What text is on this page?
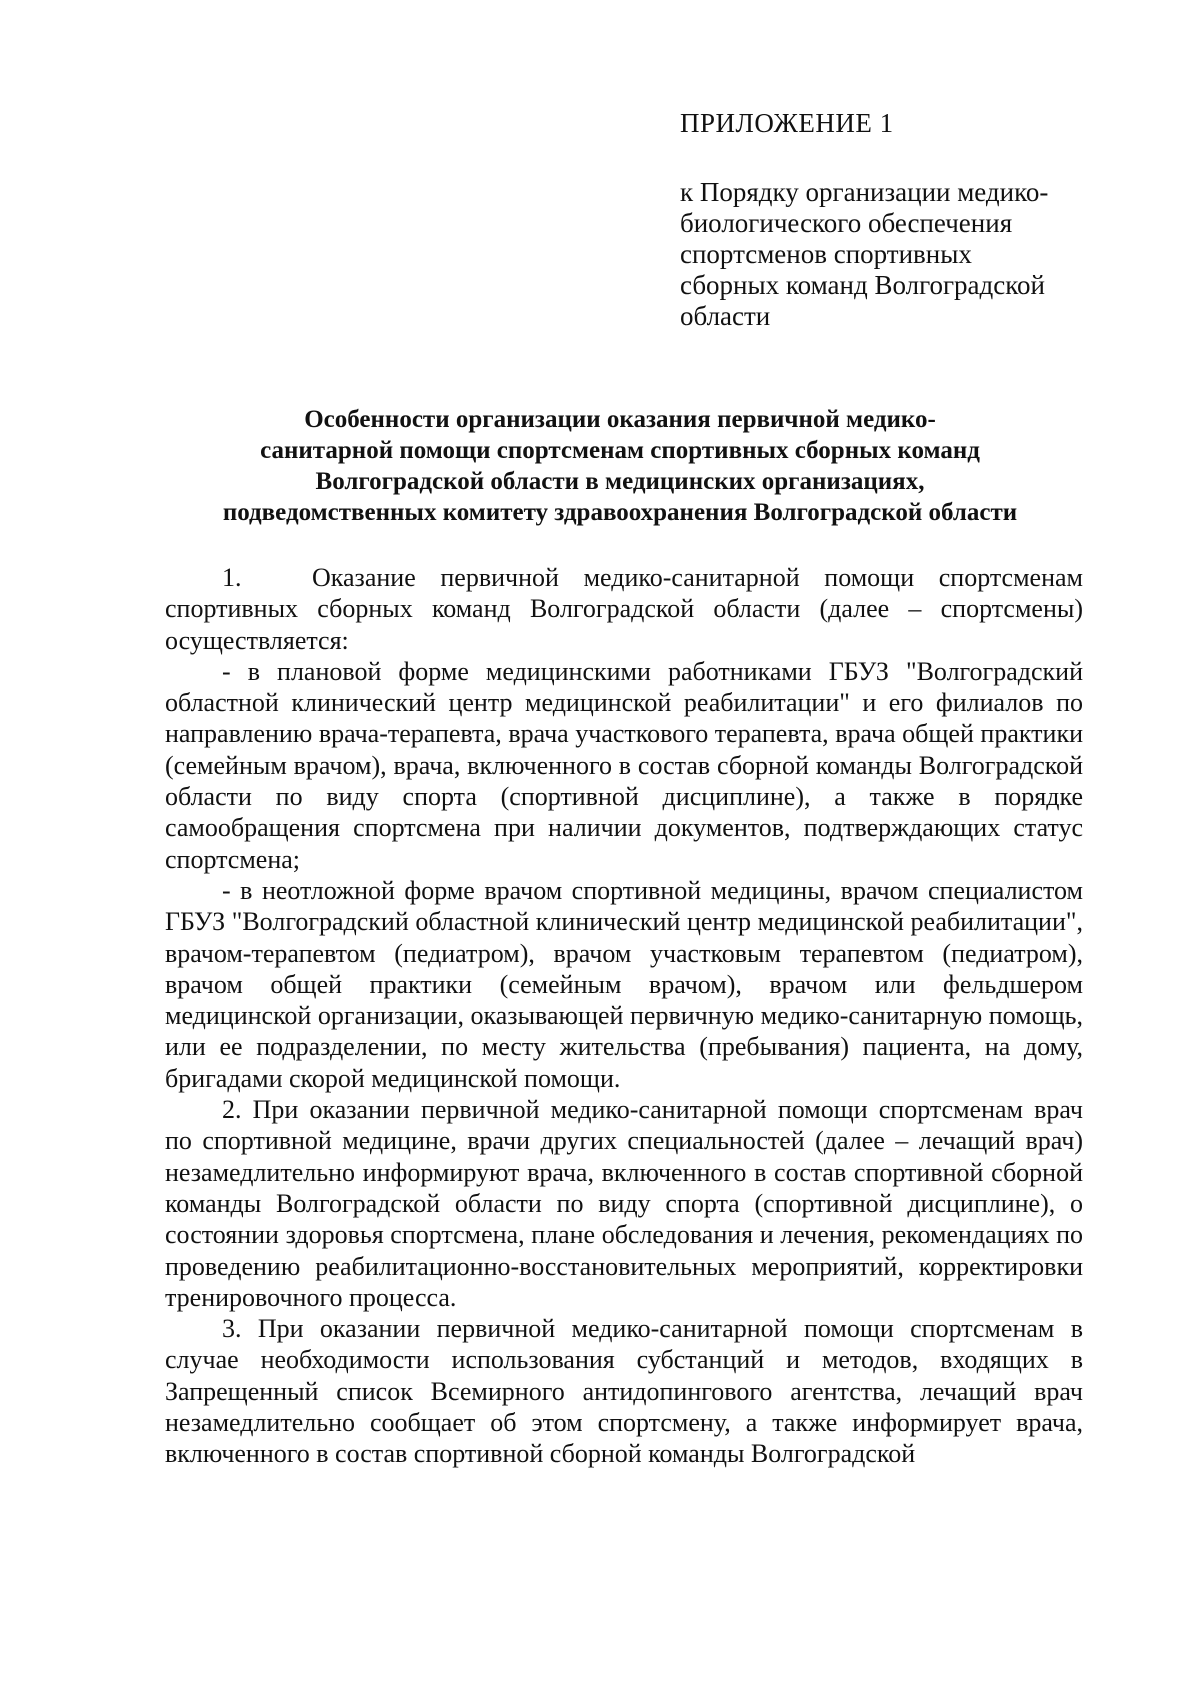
ПРИЛОЖЕНИЕ 1

к Порядку организации медико-
биологического обеспечения
спортсменов спортивных
сборных команд Волгоградской
области

Особенности организации оказания первичной медико-
санитарной помощи спортсменам спортивных сборных команд
Волгоградской области в медицинских организациях,
подведомственных комитету здравоохранения Волгоградской области

1.	Оказание первичной медико-санитарной помощи спортсменам спортивных сборных команд Волгоградской области (далее – спортсмены) осуществляется:

- в плановой форме медицинскими работниками ГБУЗ "Волгоградский областной клинический центр медицинской реабилитации" и его филиалов по направлению врача-терапевта, врача участкового терапевта, врача общей практики (семейным врачом), врача, включенного в состав сборной команды Волгоградской области по виду спорта (спортивной дисциплине), а также в порядке самообращения спортсмена при наличии документов, подтверждающих статус спортсмена;

- в неотложной форме врачом спортивной медицины, врачом специалистом ГБУЗ "Волгоградский областной клинический центр медицинской реабилитации", врачом-терапевтом (педиатром), врачом участковым терапевтом (педиатром), врачом общей практики (семейным врачом), врачом или фельдшером медицинской организации, оказывающей первичную медико-санитарную помощь, или ее подразделении, по месту жительства (пребывания) пациента, на дому, бригадами скорой медицинской помощи.

2. При оказании первичной медико-санитарной помощи спортсменам врач по спортивной медицине, врачи других специальностей (далее – лечащий врач) незамедлительно информируют врача, включенного в состав спортивной сборной команды Волгоградской области по виду спорта (спортивной дисциплине), о состоянии здоровья спортсмена, плане обследования и лечения, рекомендациях по проведению реабилитационно-восстановительных мероприятий, корректировки тренировочного процесса.

3. При оказании первичной медико-санитарной помощи спортсменам в случае необходимости использования субстанций и методов, входящих в Запрещенный список Всемирного антидопингового агентства, лечащий врач незамедлительно сообщает об этом спортсмену, а также информирует врача, включенного в состав спортивной сборной команды Волгоградской
